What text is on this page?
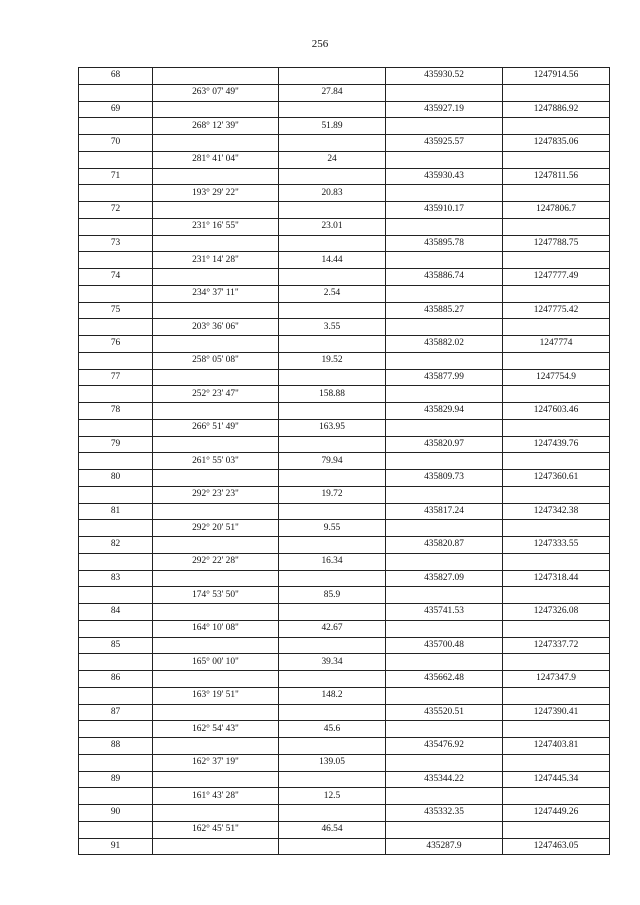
256
68			435930.52	1247914.56
	263° 07' 49"	27.84		
69			435927.19	1247886.92
	268° 12' 39"	51.89		
70			435925.57	1247835.06
	281° 41' 04"	24		
71			435930.43	1247811.56
	193° 29' 22"	20.83		
72			435910.17	1247806.7
	231° 16' 55"	23.01		
73			435895.78	1247788.75
	231° 14' 28"	14.44		
74			435886.74	1247777.49
	234° 37' 11"	2.54		
75			435885.27	1247775.42
	203° 36' 06"	3.55		
76			435882.02	1247774
	258° 05' 08"	19.52		
77			435877.99	1247754.9
	252° 23' 47"	158.88		
78			435829.94	1247603.46
	266° 51' 49"	163.95		
79			435820.97	1247439.76
	261° 55' 03"	79.94		
80			435809.73	1247360.61
	292° 23' 23"	19.72		
81			435817.24	1247342.38
	292° 20' 51"	9.55		
82			435820.87	1247333.55
	292° 22' 28"	16.34		
83			435827.09	1247318.44
	174° 53' 50"	85.9		
84			435741.53	1247326.08
	164° 10' 08"	42.67		
85			435700.48	1247337.72
	165° 00' 10"	39.34		
86			435662.48	1247347.9
	163° 19' 51"	148.2		
87			435520.51	1247390.41
	162° 54' 43"	45.6		
88			435476.92	1247403.81
	162° 37' 19"	139.05		
89			435344.22	1247445.34
	161° 43' 28"	12.5		
90			435332.35	1247449.26
	162° 45' 51"	46.54		
91			435287.9	1247463.05
